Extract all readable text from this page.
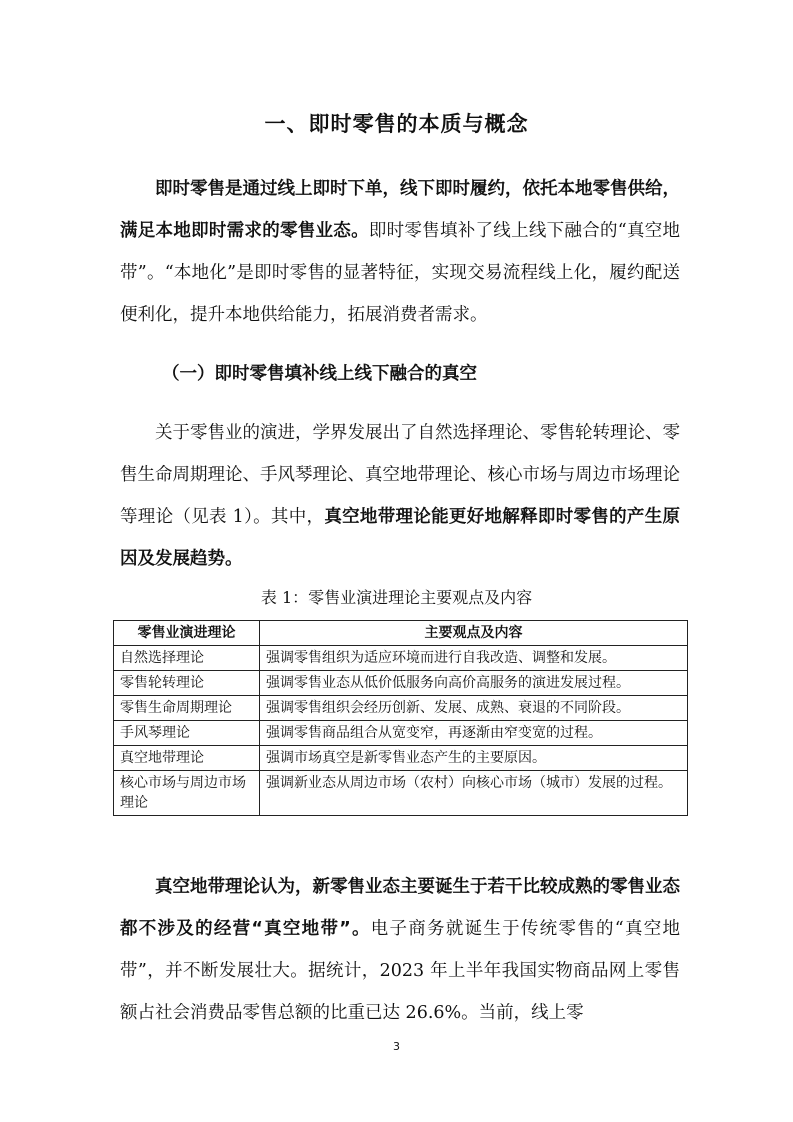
一、即时零售的本质与概念

即时零售是通过线上即时下单，线下即时履约，依托本地零售供给，满足本地即时需求的零售业态。即时零售填补了线上线下融合的“真空地带”。“本地化”是即时零售的显著特征，实现交易流程线上化，履约配送便利化，提升本地供给能力，拓展消费者需求。

（一）即时零售填补线上线下融合的真空

关于零售业的演进，学界发展出了自然选择理论、零售轮转理论、零售生命周期理论、手风琴理论、真空地带理论、核心市场与周边市场理论等理论（见表 1）。其中，真空地带理论能更好地解释即时零售的产生原因及发展趋势。

表 1：零售业演进理论主要观点及内容
零售业演进理论	主要观点及内容
自然选择理论	强调零售组织为适应环境而进行自我改造、调整和发展。
零售轮转理论	强调零售业态从低价低服务向高价高服务的演进发展过程。
零售生命周期理论	强调零售组织会经历创新、发展、成熟、衰退的不同阶段。
手风琴理论	强调零售商品组合从宽变窄，再逐渐由窄变宽的过程。
真空地带理论	强调市场真空是新零售业态产生的主要原因。
核心市场与周边市场理论	强调新业态从周边市场（农村）向核心市场（城市）发展的过程。

真空地带理论认为，新零售业态主要诞生于若干比较成熟的零售业态都不涉及的经营“真空地带”。电子商务就诞生于传统零售的“真空地带”，并不断发展壮大。据统计，2023 年上半年我国实物商品网上零售额占社会消费品零售总额的比重已达 26.6%。当前，线上零

3
